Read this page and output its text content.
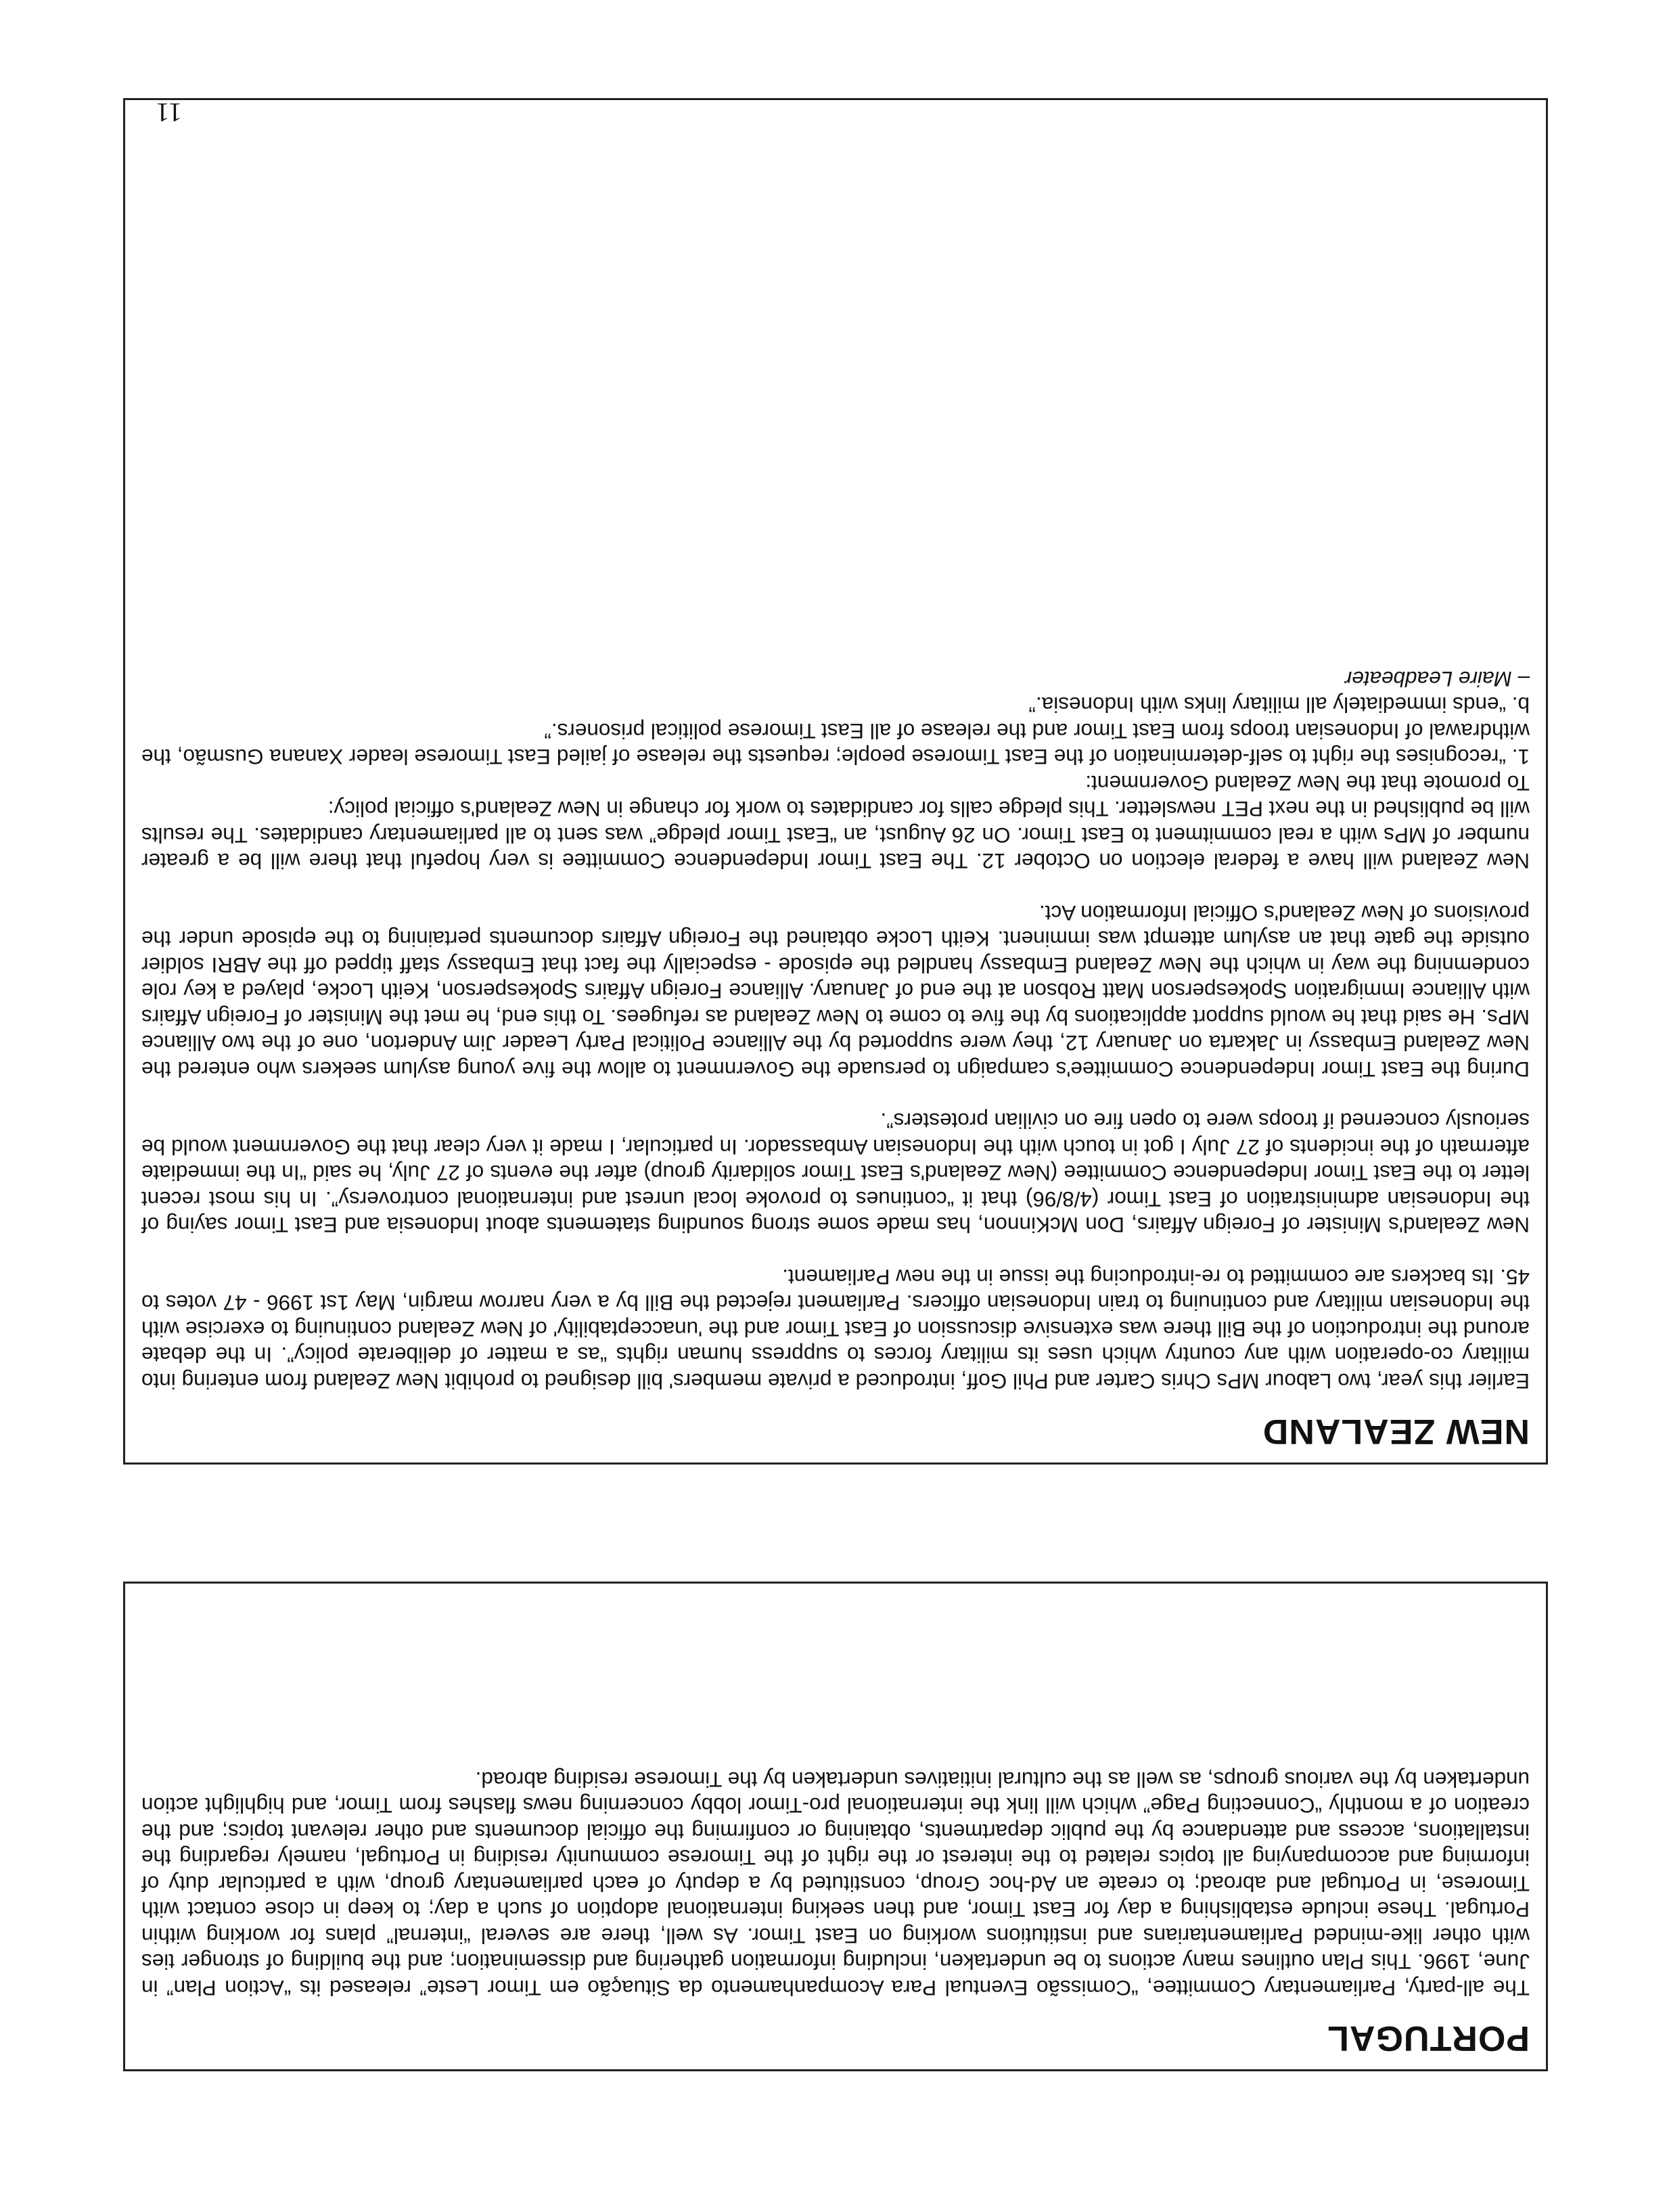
PORTUGAL

The all-party, Parliamentary Committee, “Comissão Eventual Para Acompanhamento da Situação em Timor Leste” released its “Action Plan” in June, 1996. This Plan outlines many actions to be undertaken, including information gathering and dissemination; and the building of stronger ties with other like-minded Parliamentarians and institutions working on East Timor. As well, there are several “internal” plans for working within Portugal. These include establishing a day for East Timor, and then seeking international adoption of such a day; to keep in close contact with Timorese, in Portugal and abroad; to create an Ad-hoc Group, constituted by a deputy of each parliamentary group, with a particular duty of informing and accompanying all topics related to the interest or the right of the Timorese community residing in Portugal, namely regarding the installations, access and attendance by the public departments, obtaining or confirming the official documents and other relevant topics; and the creation of a monthly “Connecting Page” which will link the international pro-Timor lobby concerning news flashes from Timor, and highlight action undertaken by the various groups, as well as the cultural initiatives undertaken by the Timorese residing abroad.

NEW ZEALAND

Earlier this year, two Labour MPs Chris Carter and Phil Goff, introduced a private members' bill designed to prohibit New Zealand from entering into military co-operation with any country which uses its military forces to suppress human rights “as a matter of deliberate policy”. In the debate around the introduction of the Bill there was extensive discussion of East Timor and the 'unacceptability' of New Zealand continuing to exercise with the Indonesian military and continuing to train Indonesian officers. Parliament rejected the Bill by a very narrow margin, May 1st 1996 - 47 votes to 45. Its backers are committed to re-introducing the issue in the new Parliament.

New Zealand's Minister of Foreign Affairs, Don McKinnon, has made some strong sounding statements about Indonesia and East Timor saying of the Indonesian administration of East Timor (4/8/96) that it “continues to provoke local unrest and international controversy”. In his most recent letter to the East Timor Independence Committee (New Zealand's East Timor solidarity group) after the events of 27 July, he said “In the immediate aftermath of the incidents of 27 July I got in touch with the Indonesian Ambassador. In particular, I made it very clear that the Government would be seriously concerned if troops were to open fire on civilian protesters”.

During the East Timor Independence Committee's campaign to persuade the Government to allow the five young asylum seekers who entered the New Zealand Embassy in Jakarta on January 12, they were supported by the Alliance Political Party Leader Jim Anderton, one of the two Alliance MPs. He said that he would support applications by the five to come to New Zealand as refugees. To this end, he met the Minister of Foreign Affairs with Alliance Immigration Spokesperson Matt Robson at the end of January. Alliance Foreign Affairs Spokesperson, Keith Locke, played a key role condemning the way in which the New Zealand Embassy handled the episode - especially the fact that Embassy staff tipped off the ABRI soldier outside the gate that an asylum attempt was imminent. Keith Locke obtained the Foreign Affairs documents pertaining to the episode under the provisions of New Zealand's Official Information Act.

New Zealand will have a federal election on October 12. The East Timor Independence Committee is very hopeful that there will be a greater number of MPs with a real commitment to East Timor. On 26 August, an “East Timor pledge” was sent to all parliamentary candidates. The results will be published in the next PET newsletter. This pledge calls for candidates to work for change in New Zealand's official policy:

To promote that the New Zealand Government:

1. “recognises the right to self-determination of the East Timorese people; requests the release of jailed East Timorese leader Xanana Gusmão, the withdrawal of Indonesian troops from East Timor and the release of all East Timorese political prisoners.”

b. “ends immediately all military links with Indonesia.”

– Maire Leadbeater

11
